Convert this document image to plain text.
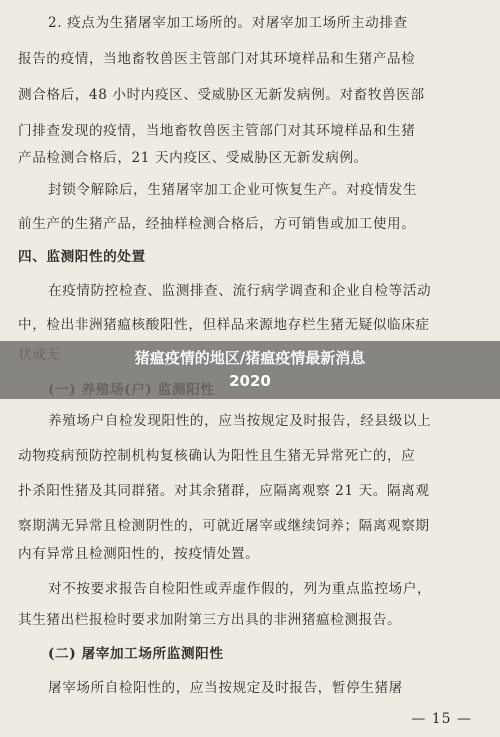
2. 疫点为生猪屠宰加工场所的。对屠宰加工场所主动排查
报告的疫情，当地畜牧兽医主管部门对其环境样品和生猪产品检
测合格后，48 小时内疫区、受威胁区无新发病例。对畜牧兽医部
门排查发现的疫情，当地畜牧兽医主管部门对其环境样品和生猪
产品检测合格后，21 天内疫区、受威胁区无新发病例。
封锁令解除后，生猪屠宰加工企业可恢复生产。对疫情发生
前生产的生猪产品，经抽样检测合格后，方可销售或加工使用。
四、监测阳性的处置
在疫情防控检查、监测排查、流行病学调查和企业自检等活动
中，检出非洲猪瘟核酸阳性，但样品来源地存栏生猪无疑似临床症
养殖场户自检发现阳性的，应当按规定及时报告，经县级以上
动物疫病预防控制机构复核确认为阳性且生猪无异常死亡的，应
扑杀阳性猪及其同群猪。对其余猪群，应隔离观察 21 天。隔离观
察期满无异常且检测阴性的，可就近屠宰或继续饲养；隔离观察期
内有异常且检测阳性的，按疫情处置。
对不按要求报告自检阳性或弄虚作假的，列为重点监控场户，
其生猪出栏报检时要求加附第三方出具的非洲猪瘟检测报告。
(二) 屠宰加工场所监测阳性
屠宰场所自检阳性的，应当按规定及时报告，暂停生猪屠
— 15 —
猪瘟疫情的地区/猪瘟疫情最新消息
2020
